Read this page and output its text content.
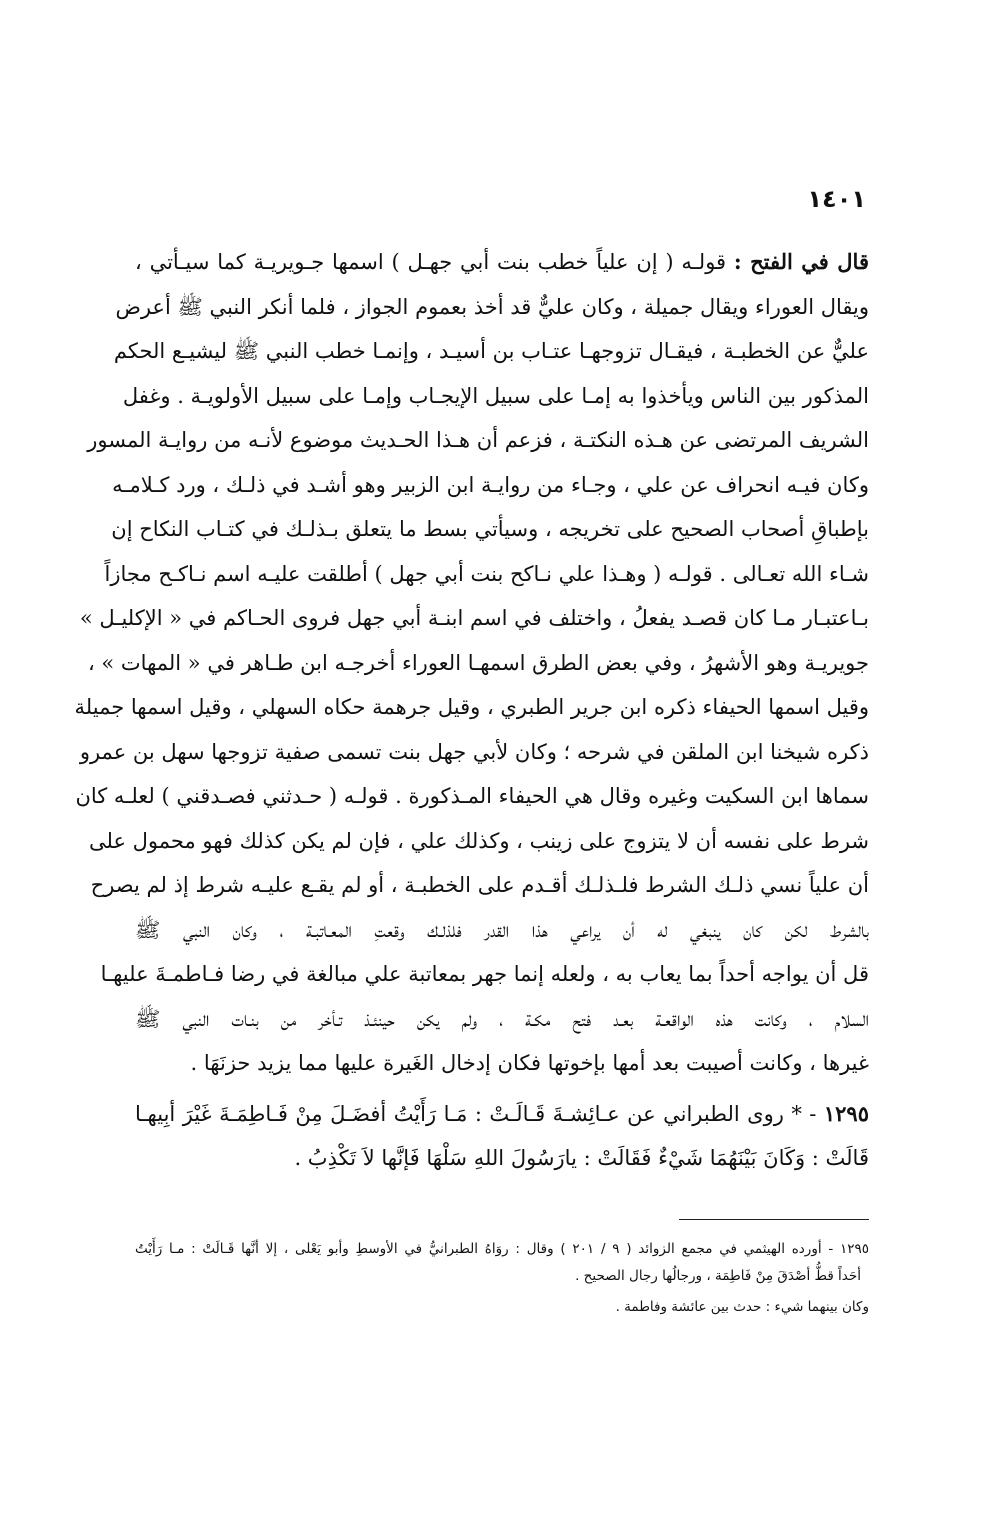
١٤٠١
قال في الفتح : قولـه ( إن علياً خطب بنت أبي جهـل ) اسمها جـويريـة كما سيـأتي ،
ويقال العوراء ويقال جميلة ، وكان عليٌّ قد أخذ بعموم الجواز ، فلما أنكر النبي ﷺ أعرض
عليٌّ عن الخطبـة ، فيقـال تزوجهـا عتـاب بن أسيـد ، وإنمـا خطب النبي ﷺ ليشيـع الحكم
المذكور بين الناس ويأخذوا به إمـا على سبيل الإيجـاب وإمـا على سبيل الأولويـة . وغفل
الشريف المرتضى عن هـذه النكتـة ، فزعم أن هـذا الحـديث موضوع لأنـه من روايـة المسور
وكان فيـه انحراف عن علي ، وجـاء من روايـة ابن الزبير وهو أشـد في ذلـك ، ورد كـلامـه
بإطباقِ أصحاب الصحيح على تخريجه ، وسيأتي بسط ما يتعلق بـذلـك في كتـاب النكاح إن
شـاء الله تعـالى . قولـه ( وهـذا علي نـاكح بنت أبي جهل ) أطلقت عليـه اسم نـاكـح مجازاً
بـاعتبـار مـا كان قصـد يفعلُ ، واختلف في اسم ابنـة أبي جهل فروى الحـاكم في « الإكليـل »
جويريـة وهو الأشهرُ ، وفي بعض الطرق اسمهـا العوراء أخرجـه ابن طـاهر في « المهات » ،
وقيل اسمها الحيفاء ذكره ابن جرير الطبري ، وقيل جرهمة حكاه السهلي ، وقيل اسمها جميلة
ذكره شيخنا ابن الملقن في شرحه ؛ وكان لأبي جهل بنت تسمى صفية تزوجها سهل بن عمرو
سماها ابن السكيت وغيره وقال هي الحيفاء المـذكورة . قولـه ( حـدثني فصـدقني ) لعلـه كان
شرط على نفسه أن لا يتزوج على زينب ، وكذلك علي ، فإن لم يكن كذلك فهو محمول على
أن علياً نسي ذلـك الشرط فلـذلـك أقـدم على الخطبـة ، أو لم يقـع عليـه شرط إذ لم يصرح
بالشرط لكن كان ينبغي له أن يراعي هذا القدر فلذلـك وقعتِ المعـاتبـة ، وكان النبي ﷺ
قل أن يواجه أحداً بما يعاب به ، ولعله إنما جهر بمعاتبة علي مبالغة في رضا فـاطمـةَ عليهـا
السلام ، وكانت هذه الواقعـة بعـد فتح مكـة ، ولم يكن حينئـذ تـأخر من بنـات النبي ﷺ
غيرها ، وكانت أصيبت بعد أمها بإخوتها فكان إدخال الغَيرة عليها مما يزيد حزنَهَا .
١٢٩٥ - * روى الطبراني عن عـائِشـةَ قَـالَـتْ : مَـا رَأَيْتُ أفضَـلَ مِنْ فَـاطِمَـةَ غَيْرَ أبِيهـا
قَالَتْ : وَكَانَ بَيْنَهُمَا شَيْءٌ فَقَالَتْ : يارَسُولَ اللهِ سَلْهَا فَإنَّها لاَ تَكْذِبُ .
١٢٩٥ - أورده الهيثمي في مجمع الزوائد ( ٩ / ٢٠١ ) وقال : روَاهُ الطبرانيُّ في الأوسطِ وأبو يَعْلى ، إلا أنَّها قَـالَتْ : مـا رَأَيْتُ
أحَداً قطُّ أصْدَقَ مِنْ فَاطِمَة ، ورجالُها رجال الصحيح .
وكان بينهما شيء : حدث بين عائشة وفاطمة .
